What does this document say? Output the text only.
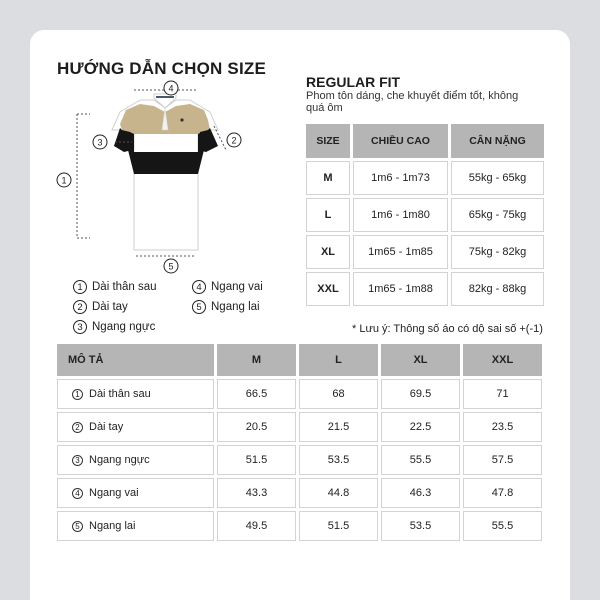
HƯỚNG DẪN CHỌN SIZE
4
3	2
1
5
1 Dài thân sau
2 Dài tay
3 Ngang ngực
4 Ngang vai
5 Ngang lai
REGULAR FIT
Phom tôn dáng, che khuyết điểm tốt, không quá ôm
SIZE	CHIỀU CAO	CÂN NẶNG
M	1m6 - 1m73	55kg - 65kg
L	1m6 - 1m80	65kg - 75kg
XL	1m65 - 1m85	75kg - 82kg
XXL	1m65 - 1m88	82kg - 88kg
* Lưu ý: Thông số áo có dộ sai số +(-1)
MÔ TẢ	M	L	XL	XXL
1 Dài thân sau	66.5	68	69.5	71
2 Dài tay	20.5	21.5	22.5	23.5
3 Ngang ngực	51.5	53.5	55.5	57.5
4 Ngang vai	43.3	44.8	46.3	47.8
5 Ngang lai	49.5	51.5	53.5	55.5
